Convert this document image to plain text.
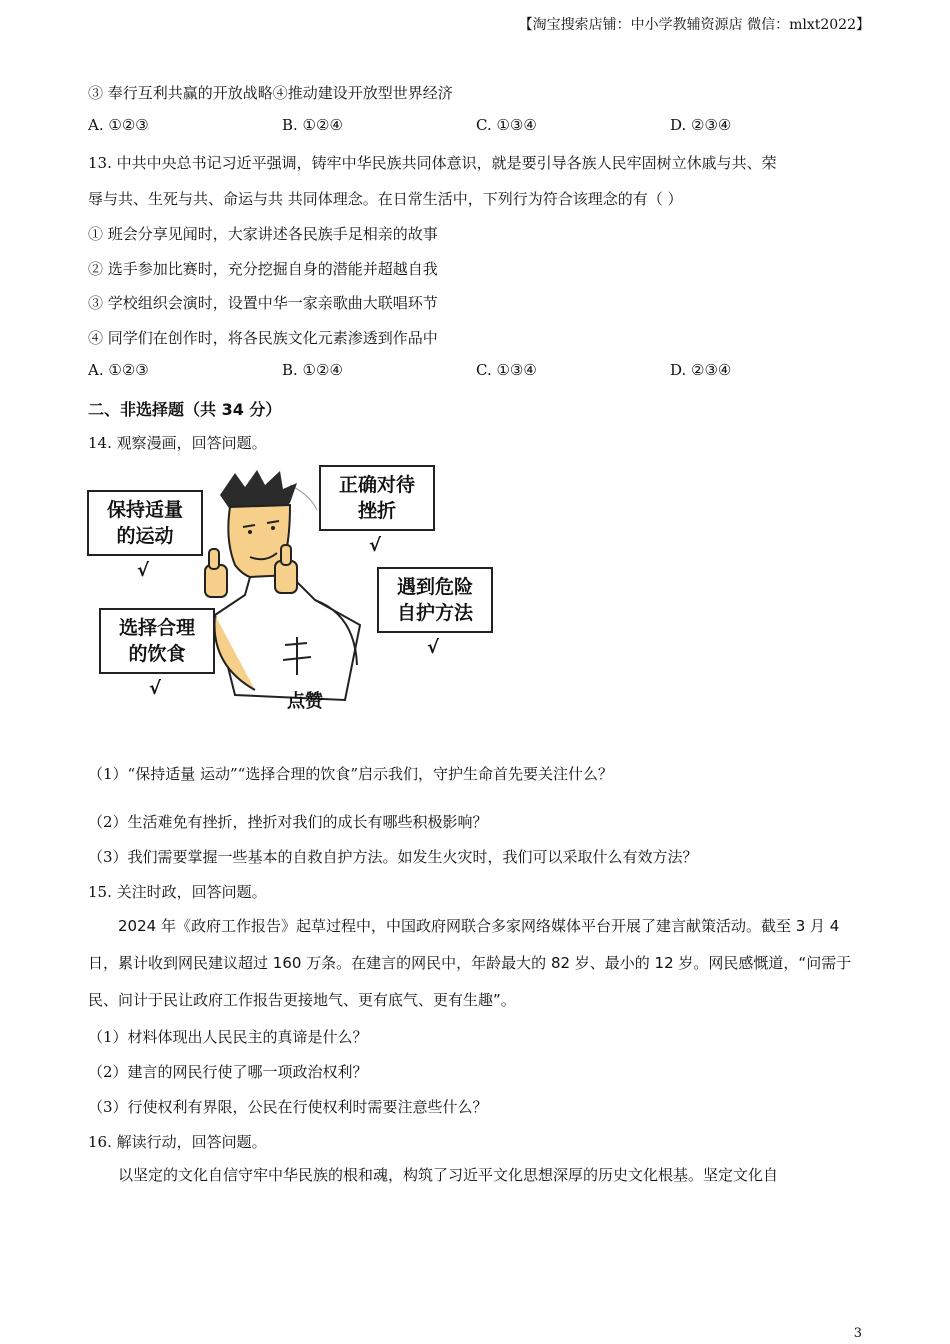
【淘宝搜索店铺：中小学教辅资源店 微信：mlxt2022】
③ 奉行互利共赢的开放战略④推动建设开放型世界经济
A. ①②③	B. ①②④	C. ①③④	D. ②③④
13. 中共中央总书记习近平强调，铸牢中华民族共同体意识，就是要引导各族人民牢固树立休戚与共、荣
辱与共、生死与共、命运与共 共同体理念。在日常生活中，下列行为符合该理念的有（ ）
① 班会分享见闻时，大家讲述各民族手足相亲的故事
② 选手参加比赛时，充分挖掘自身的潜能并超越自我
③ 学校组织会演时，设置中华一家亲歌曲大联唱环节
④ 同学们在创作时，将各民族文化元素渗透到作品中
A. ①②③	B. ①②④	C. ①③④	D. ②③④
二、非选择题（共 34 分）
14. 观察漫画，回答问题。
保持适量
的运动
√
正确对待
挫折
√
遇到危险
自护方法
√
选择合理
的饮食
√
点赞
（1）“保持适量 运动”“选择合理的饮食”启示我们，守护生命首先要关注什么？
（2）生活难免有挫折，挫折对我们的成长有哪些积极影响？
（3）我们需要掌握一些基本的自救自护方法。如发生火灾时，我们可以采取什么有效方法？
15. 关注时政，回答问题。
2024 年《政府工作报告》起草过程中，中国政府网联合多家网络媒体平台开展了建言献策活动。截至 3 月 4 日，累计收到网民建议超过 160 万条。在建言的网民中，年龄最大的 82 岁、最小的 12 岁。网民感慨道，“问需于民、问计于民让政府工作报告更接地气、更有底气、更有生趣”。
（1）材料体现出人民民主的真谛是什么？
（2）建言的网民行使了哪一项政治权利？
（3）行使权利有界限，公民在行使权利时需要注意些什么？
16. 解读行动，回答问题。
以坚定的文化自信守牢中华民族的根和魂，构筑了习近平文化思想深厚的历史文化根基。坚定文化自
3
